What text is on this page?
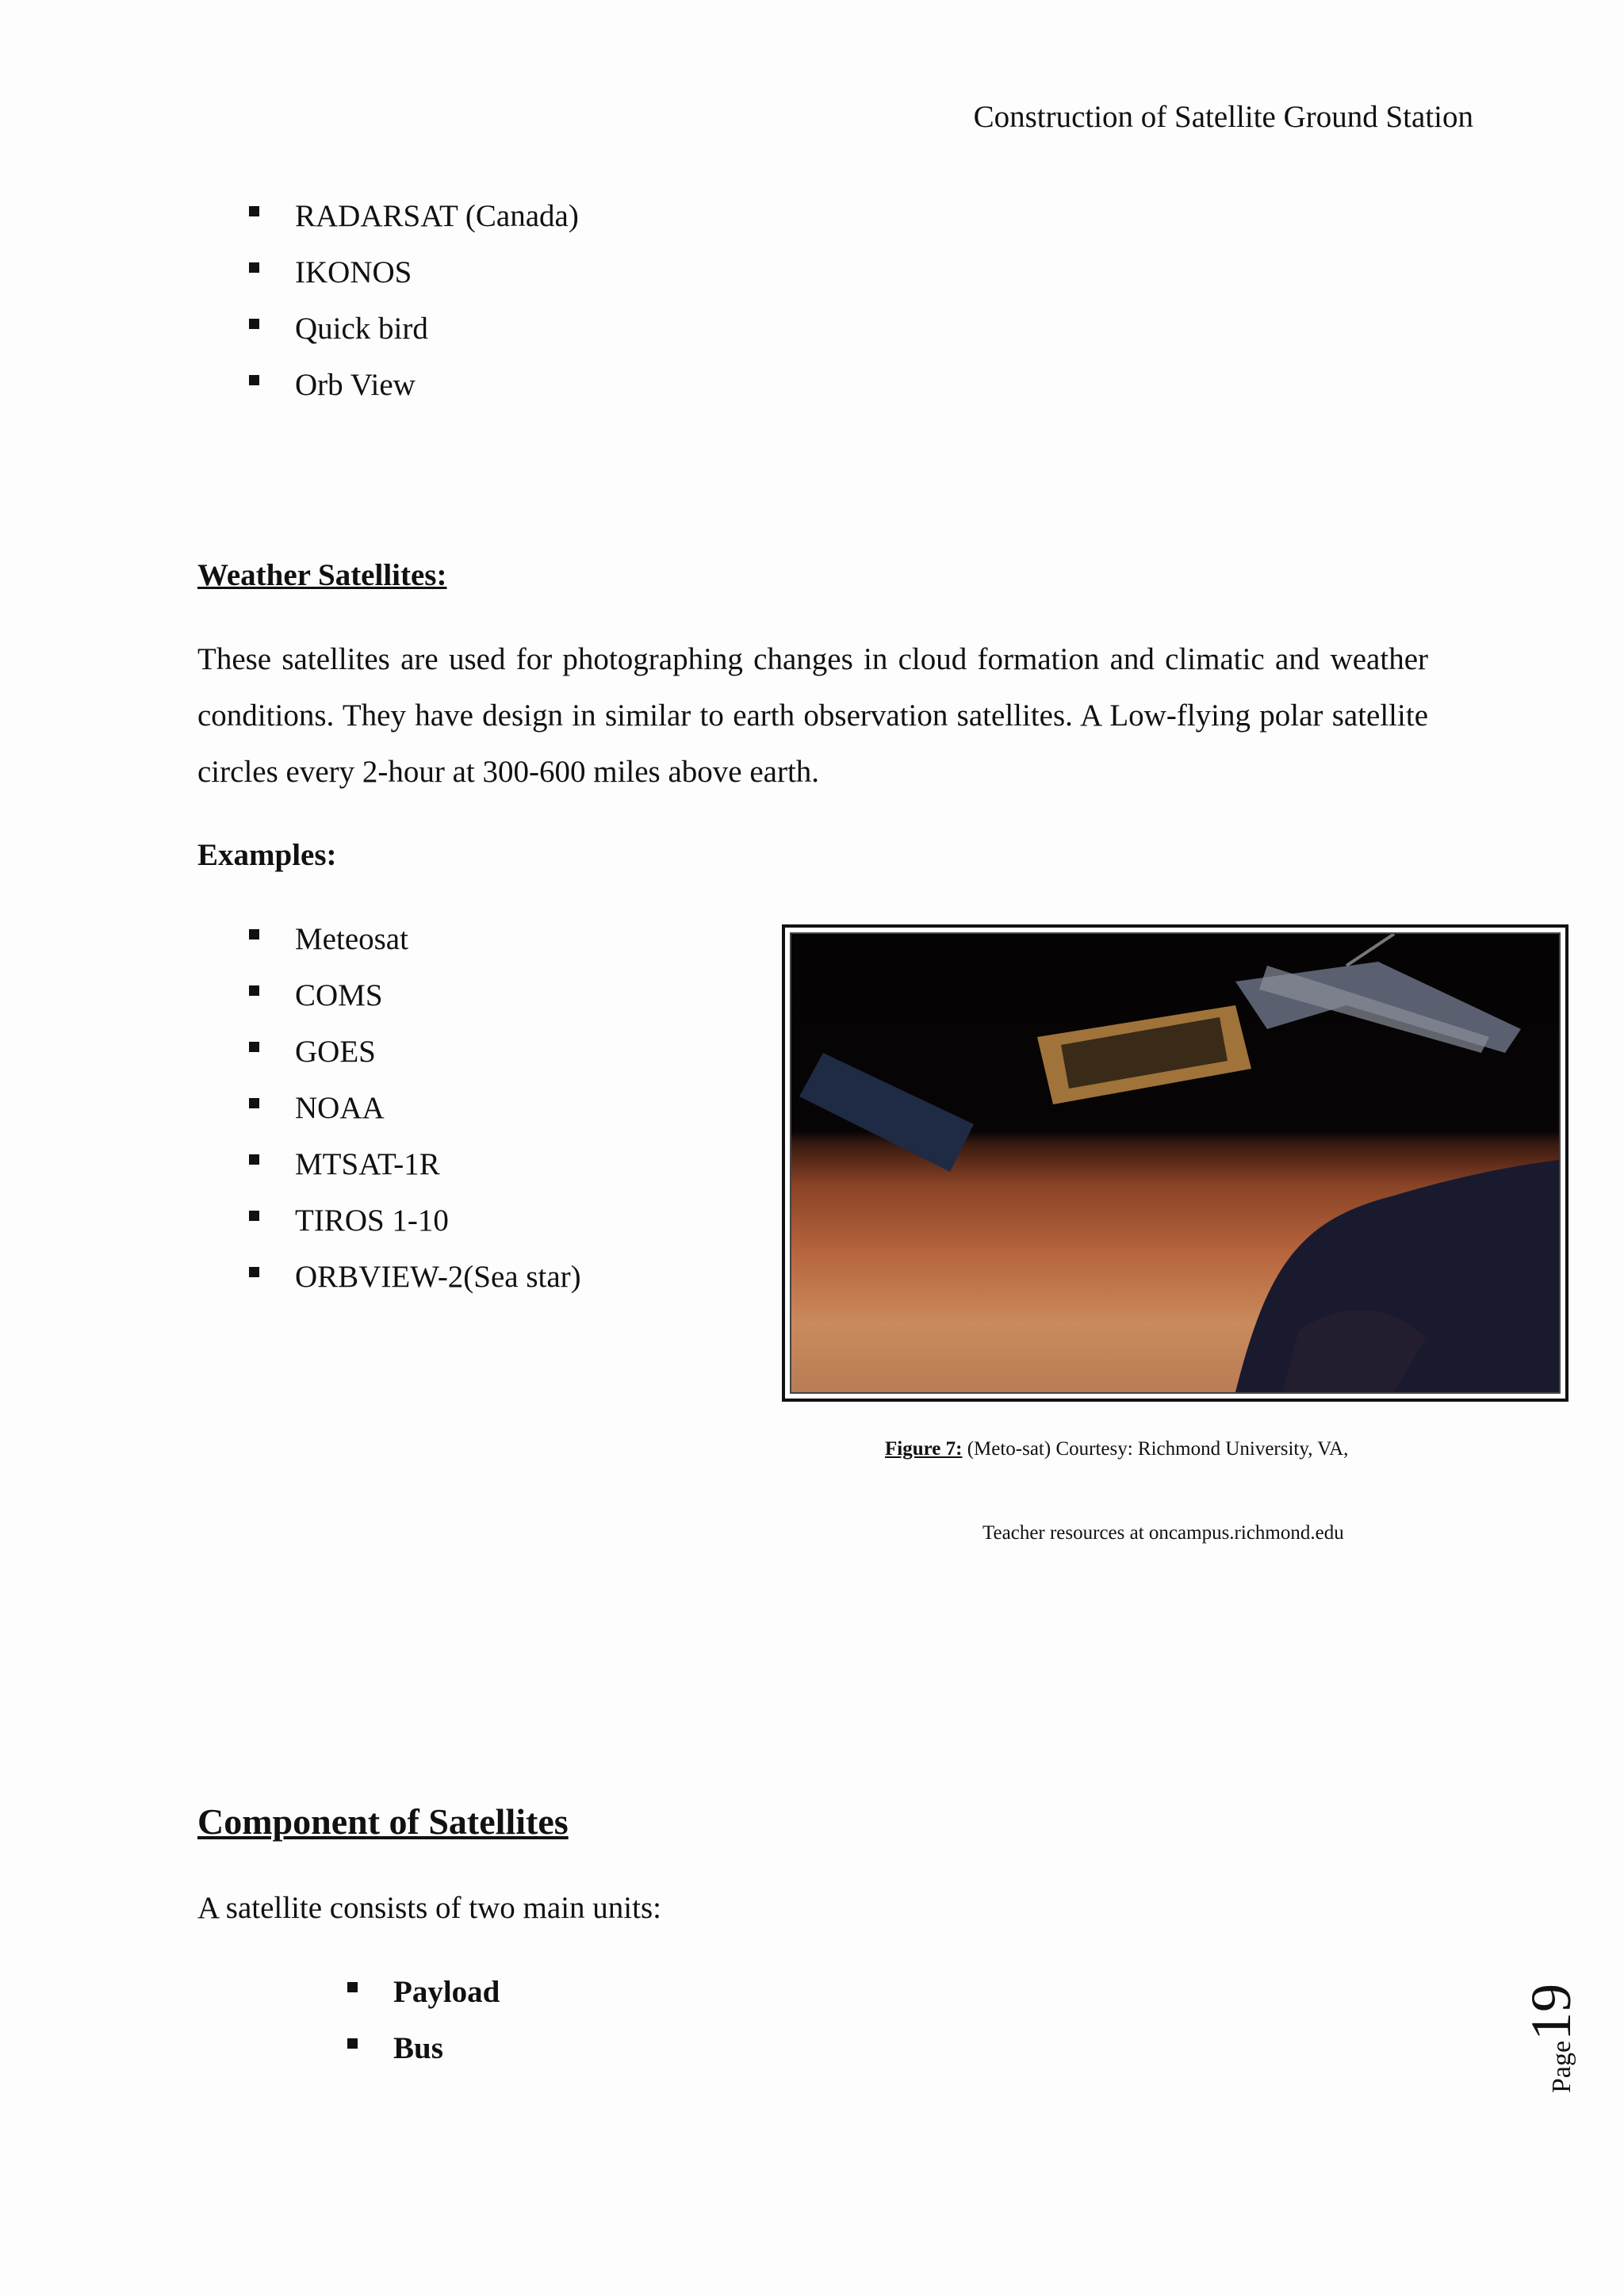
Construction of Satellite Ground Station
RADARSAT (Canada)
IKONOS
Quick bird
Orb View
Weather Satellites:
These satellites are used for photographing changes in cloud formation and climatic and weather conditions. They have design in similar to earth observation satellites. A Low-flying polar satellite circles every 2-hour at 300-600 miles above earth.
Examples:
Meteosat
COMS
GOES
NOAA
MTSAT-1R
TIROS 1-10
ORBVIEW-2(Sea star)
Figure 7: (Meto-sat) Courtesy: Richmond University, VA,
Teacher resources at oncampus.richmond.edu
Component of Satellites
A satellite consists of two main units:
Payload
Bus	Page19
